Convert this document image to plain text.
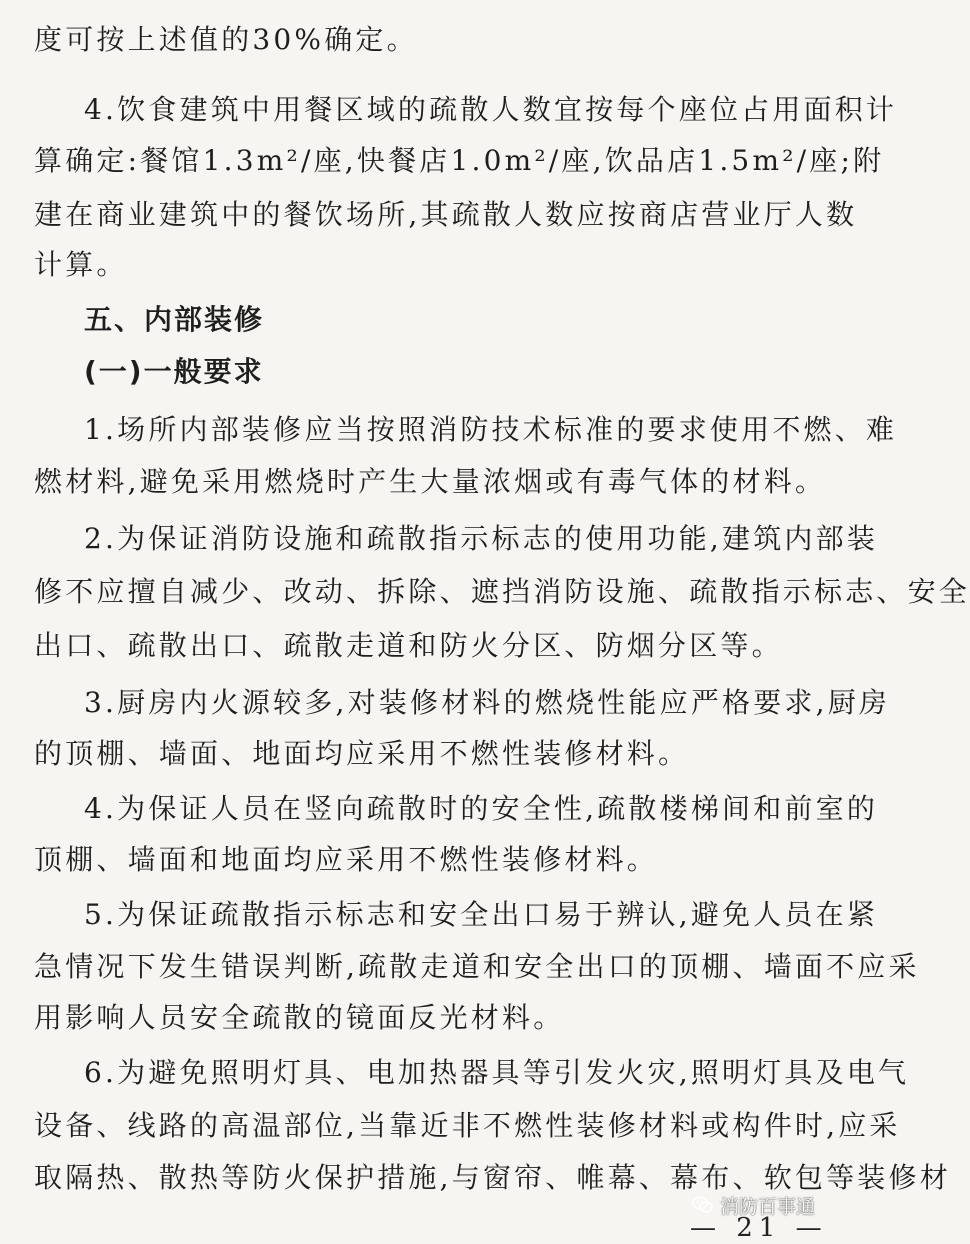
度可按上述值的30%确定。
4.饮食建筑中用餐区域的疏散人数宜按每个座位占用面积计
算确定:餐馆1.3m²/座,快餐店1.0m²/座,饮品店1.5m²/座;附
建在商业建筑中的餐饮场所,其疏散人数应按商店营业厅人数
计算。
五、内部装修
(一)一般要求
1.场所内部装修应当按照消防技术标准的要求使用不燃、难
燃材料,避免采用燃烧时产生大量浓烟或有毒气体的材料。
2.为保证消防设施和疏散指示标志的使用功能,建筑内部装
修不应擅自减少、改动、拆除、遮挡消防设施、疏散指示标志、安全
出口、疏散出口、疏散走道和防火分区、防烟分区等。
3.厨房内火源较多,对装修材料的燃烧性能应严格要求,厨房
的顶棚、墙面、地面均应采用不燃性装修材料。
4.为保证人员在竖向疏散时的安全性,疏散楼梯间和前室的
顶棚、墙面和地面均应采用不燃性装修材料。
5.为保证疏散指示标志和安全出口易于辨认,避免人员在紧
急情况下发生错误判断,疏散走道和安全出口的顶棚、墙面不应采
用影响人员安全疏散的镜面反光材料。
6.为避免照明灯具、电加热器具等引发火灾,照明灯具及电气
设备、线路的高温部位,当靠近非不燃性装修材料或构件时,应采
取隔热、散热等防火保护措施,与窗帘、帷幕、幕布、软包等装修材
消防百事通
— 21 —
